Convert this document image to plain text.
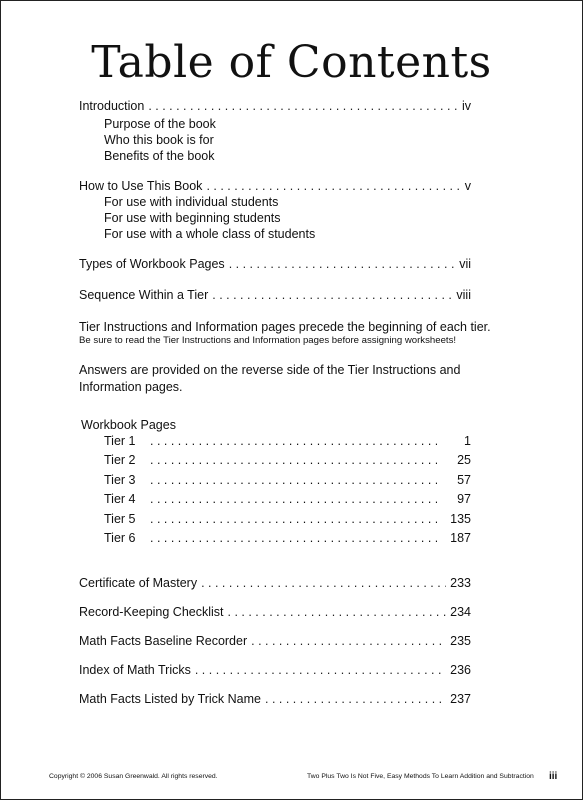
Table of Contents
Introduction . . .	iv
Purpose of the book
Who this book is for
Benefits of the book
How to Use This Book . . .	v
For use with individual students
For use with beginning students
For use with a whole class of students
Types of Workbook Pages . . .	vii
Sequence Within a Tier . . .	viii
Tier Instructions and Information pages precede the beginning of each tier.
Be sure to read the Tier Instructions and Information pages before assigning worksheets!
Answers are provided on the reverse side of the Tier Instructions and Information pages.
Workbook Pages
Tier 1 . . .	1
Tier 2 . . .	25
Tier 3 . . .	57
Tier 4 . . .	97
Tier 5 . . .	135
Tier 6 . . .	187
Certificate of Mastery . . .	233
Record-Keeping Checklist . . .	234
Math Facts Baseline Recorder . . .	235
Index of Math Tricks . . .	236
Math Facts Listed by Trick Name . . .	237
Copyright © 2006 Susan Greenwald. All rights reserved.	Two Plus Two Is Not Five, Easy Methods To Learn Addition and Subtraction iii
